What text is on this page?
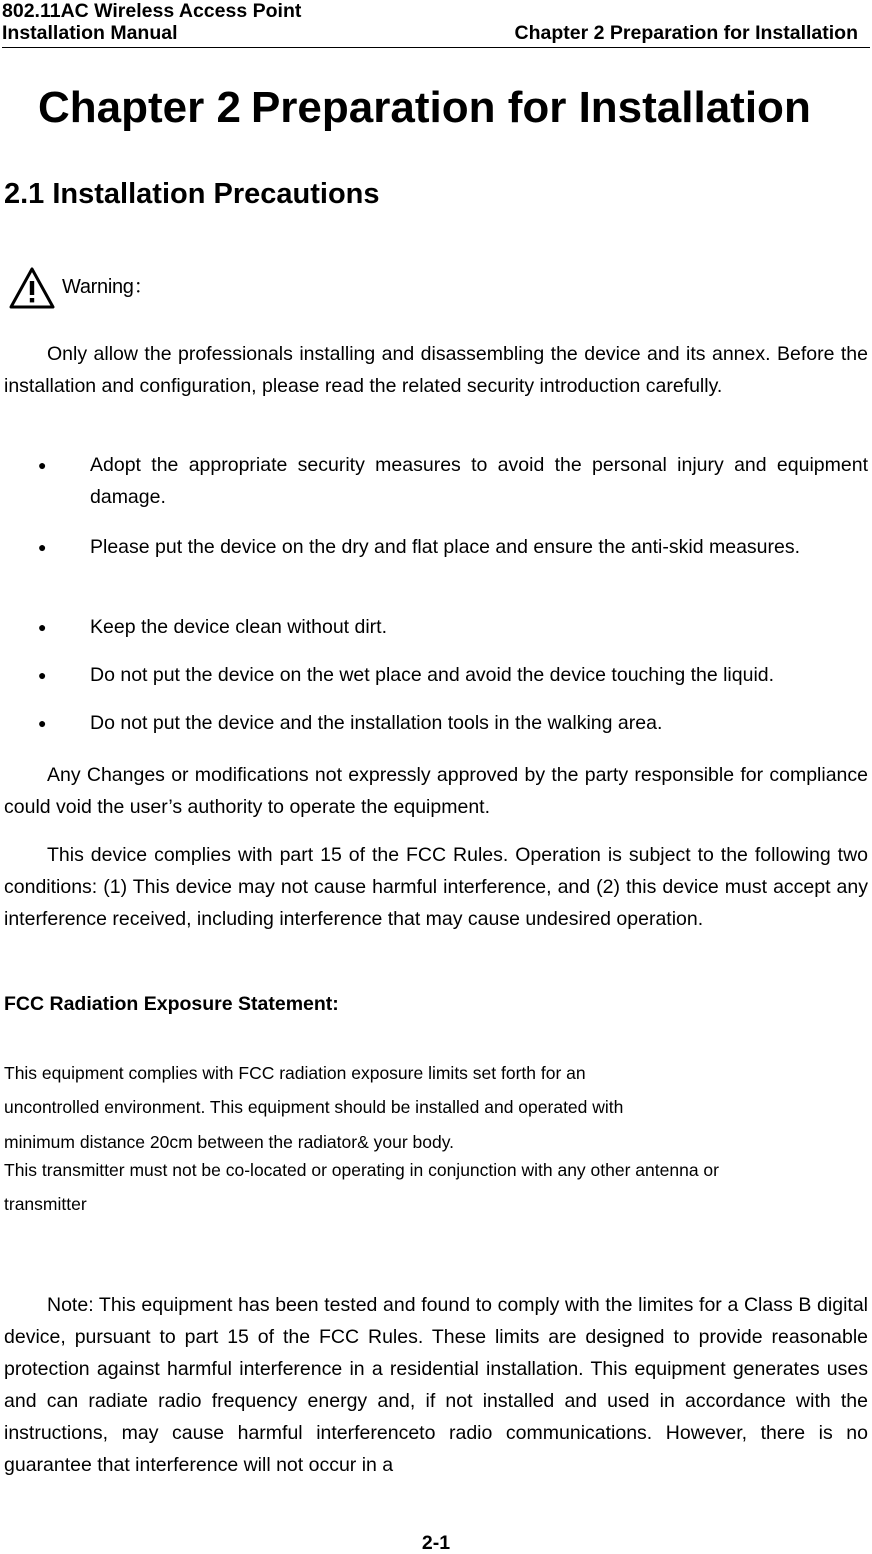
802.11AC Wireless Access Point
Installation Manual	Chapter 2 Preparation for Installation
Chapter 2 Preparation for Installation
2.1 Installation Precautions
Warning：
Only allow the professionals installing and disassembling the device and its annex. Before the installation and configuration, please read the related security introduction carefully.
●	Adopt the appropriate security measures to avoid the personal injury and equipment damage.
●	Please put the device on the dry and flat place and ensure the anti-skid measures.
●	Keep the device clean without dirt.
●	Do not put the device on the wet place and avoid the device touching the liquid.
●	Do not put the device and the installation tools in the walking area.
Any Changes or modifications not expressly approved by the party responsible for compliance could void the user’s authority to operate the equipment.
This device complies with part 15 of the FCC Rules. Operation is subject to the following two conditions: (1) This device may not cause harmful interference, and (2) this device must accept any interference received, including interference that may cause undesired operation.
FCC Radiation Exposure Statement:
This equipment complies with FCC radiation exposure limits set forth for an
uncontrolled environment. This equipment should be installed and operated with
minimum distance 20cm between the radiator& your body.
This transmitter must not be co-located or operating in conjunction with any other antenna or
transmitter
Note: This equipment has been tested and found to comply with the limites for a Class B digital device, pursuant to part 15 of the FCC Rules. These limits are designed to provide reasonable protection against harmful interference in a residential installation. This equipment generates uses and can radiate radio frequency energy and, if not installed and used in accordance with the instructions, may cause harmful interferenceto radio communications. However, there is no guarantee that interference will not occur in a
2-1
